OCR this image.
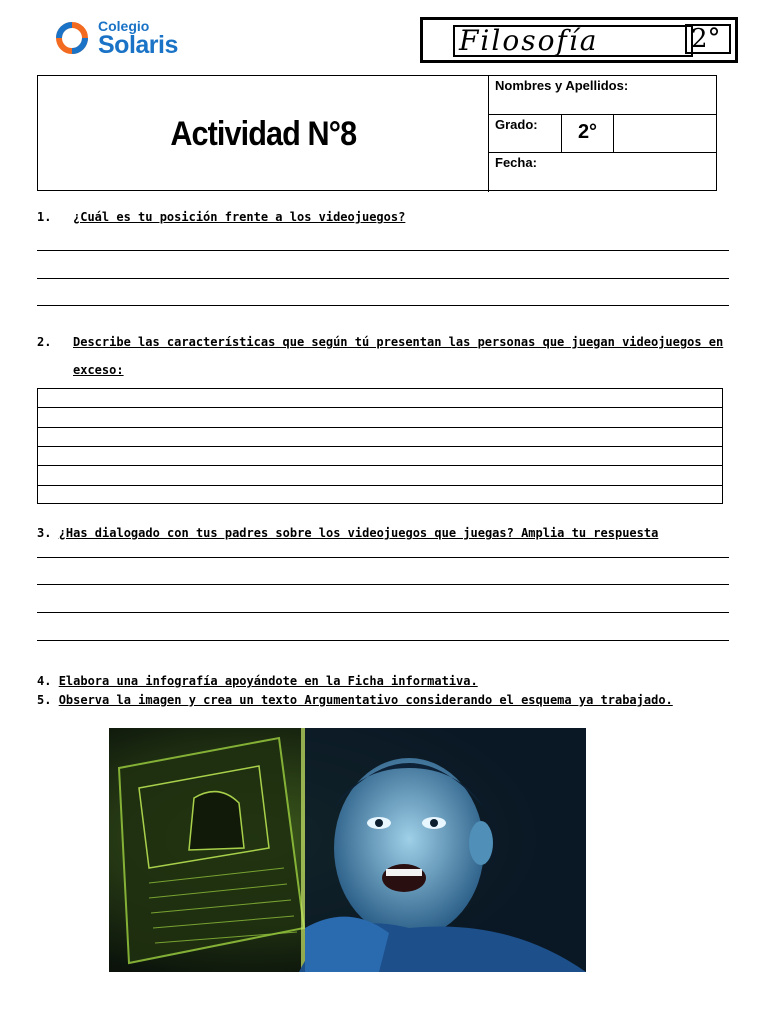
Colegio
Solaris	Filosofía	2°
Actividad N°8
Nombres y Apellidos:
Grado:	2°
Fecha:
1. ¿Cuál es tu posición frente a los videojuegos?
2. Describe las características que según tú presentan las personas que juegan videojuegos en
exceso:
3. ¿Has dialogado con tus padres sobre los videojuegos que juegas? Amplia tu respuesta
4. Elabora una infografía apoyándote en la Ficha informativa.
5. Observa la imagen y crea un texto Argumentativo considerando el esquema ya trabajado.
